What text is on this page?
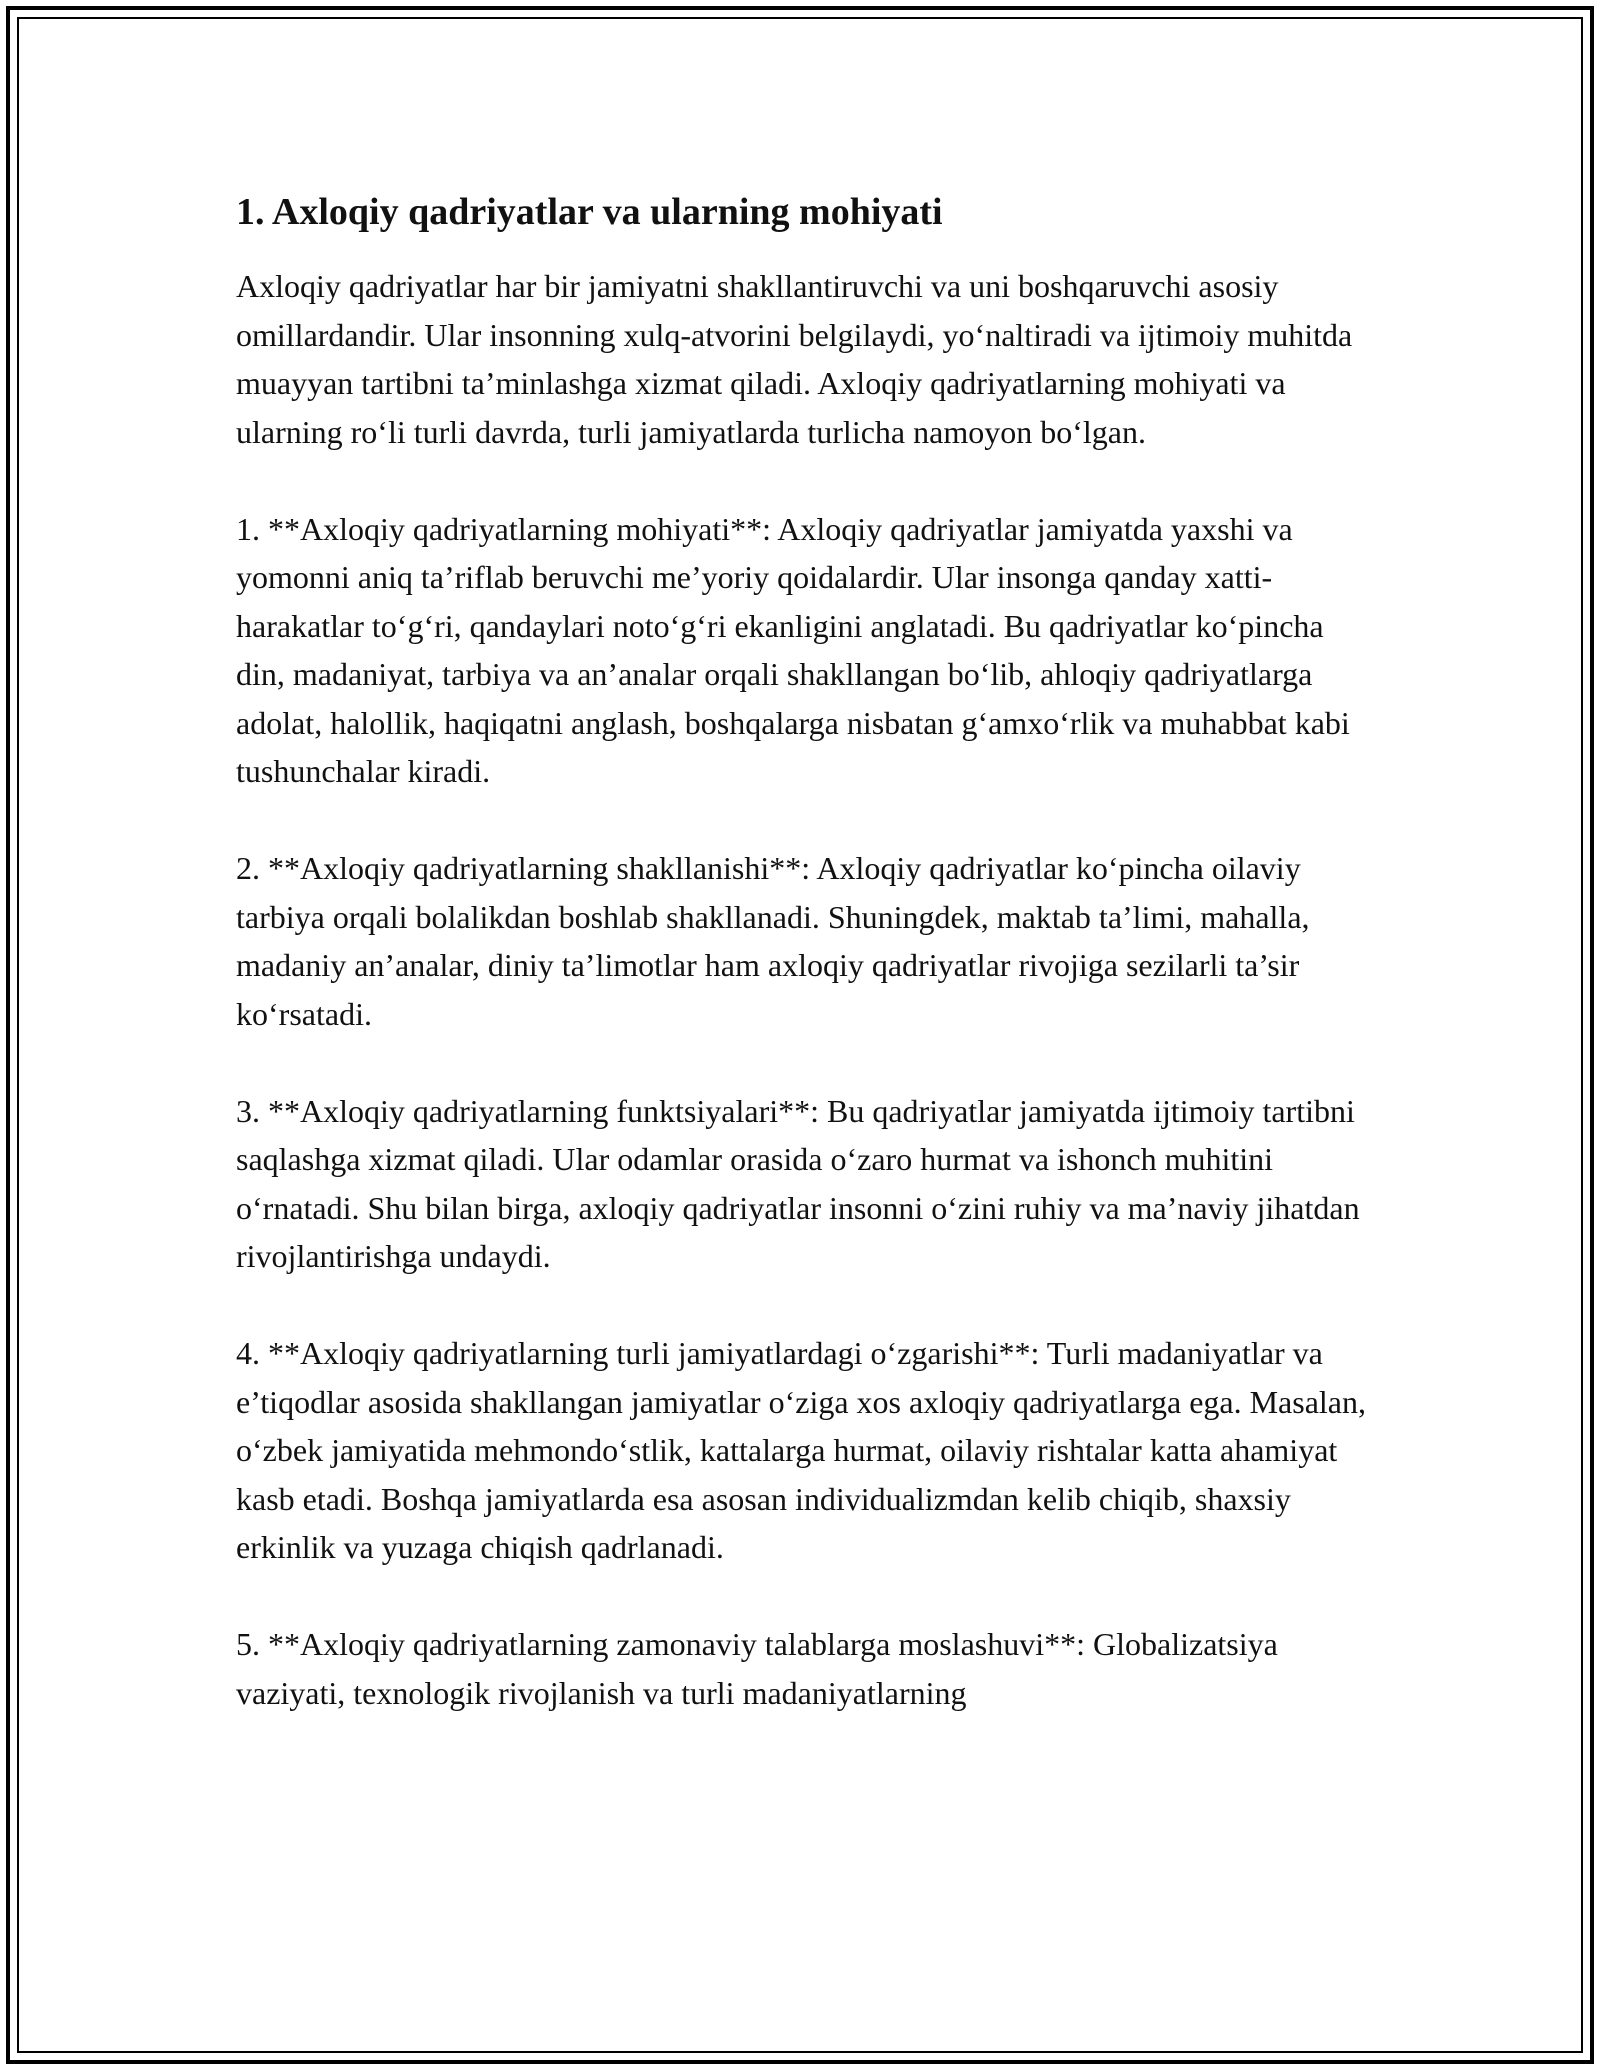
1. Axloqiy qadriyatlar va ularning mohiyati

Axloqiy qadriyatlar har bir jamiyatni shakllantiruvchi va uni boshqaruvchi asosiy omillardandir. Ular insonning xulq-atvorini belgilaydi, yo‘naltiradi va ijtimoiy muhitda muayyan tartibni ta’minlashga xizmat qiladi. Axloqiy qadriyatlarning mohiyati va ularning ro‘li turli davrda, turli jamiyatlarda turlicha namoyon bo‘lgan.

1. **Axloqiy qadriyatlarning mohiyati**: Axloqiy qadriyatlar jamiyatda yaxshi va yomonni aniq ta’riflab beruvchi me’yoriy qoidalardir. Ular insonga qanday xatti-harakatlar to‘g‘ri, qandaylari noto‘g‘ri ekanligini anglatadi. Bu qadriyatlar ko‘pincha din, madaniyat, tarbiya va an’analar orqali shakllangan bo‘lib, ahloqiy qadriyatlarga adolat, halollik, haqiqatni anglash, boshqalarga nisbatan g‘amxo‘rlik va muhabbat kabi tushunchalar kiradi.

2. **Axloqiy qadriyatlarning shakllanishi**: Axloqiy qadriyatlar ko‘pincha oilaviy tarbiya orqali bolalikdan boshlab shakllanadi. Shuningdek, maktab ta’limi, mahalla, madaniy an’analar, diniy ta’limotlar ham axloqiy qadriyatlar rivojiga sezilarli ta’sir ko‘rsatadi.

3. **Axloqiy qadriyatlarning funktsiyalari**: Bu qadriyatlar jamiyatda ijtimoiy tartibni saqlashga xizmat qiladi. Ular odamlar orasida o‘zaro hurmat va ishonch muhitini o‘rnatadi. Shu bilan birga, axloqiy qadriyatlar insonni o‘zini ruhiy va ma’naviy jihatdan rivojlantirishga undaydi.

4. **Axloqiy qadriyatlarning turli jamiyatlardagi o‘zgarishi**: Turli madaniyatlar va e’tiqodlar asosida shakllangan jamiyatlar o‘ziga xos axloqiy qadriyatlarga ega. Masalan, o‘zbek jamiyatida mehmondo‘stlik, kattalarga hurmat, oilaviy rishtalar katta ahamiyat kasb etadi. Boshqa jamiyatlarda esa asosan individualizmdan kelib chiqib, shaxsiy erkinlik va yuzaga chiqish qadrlanadi.

5. **Axloqiy qadriyatlarning zamonaviy talablarga moslashuvi**: Globalizatsiya vaziyati, texnologik rivojlanish va turli madaniyatlarning
